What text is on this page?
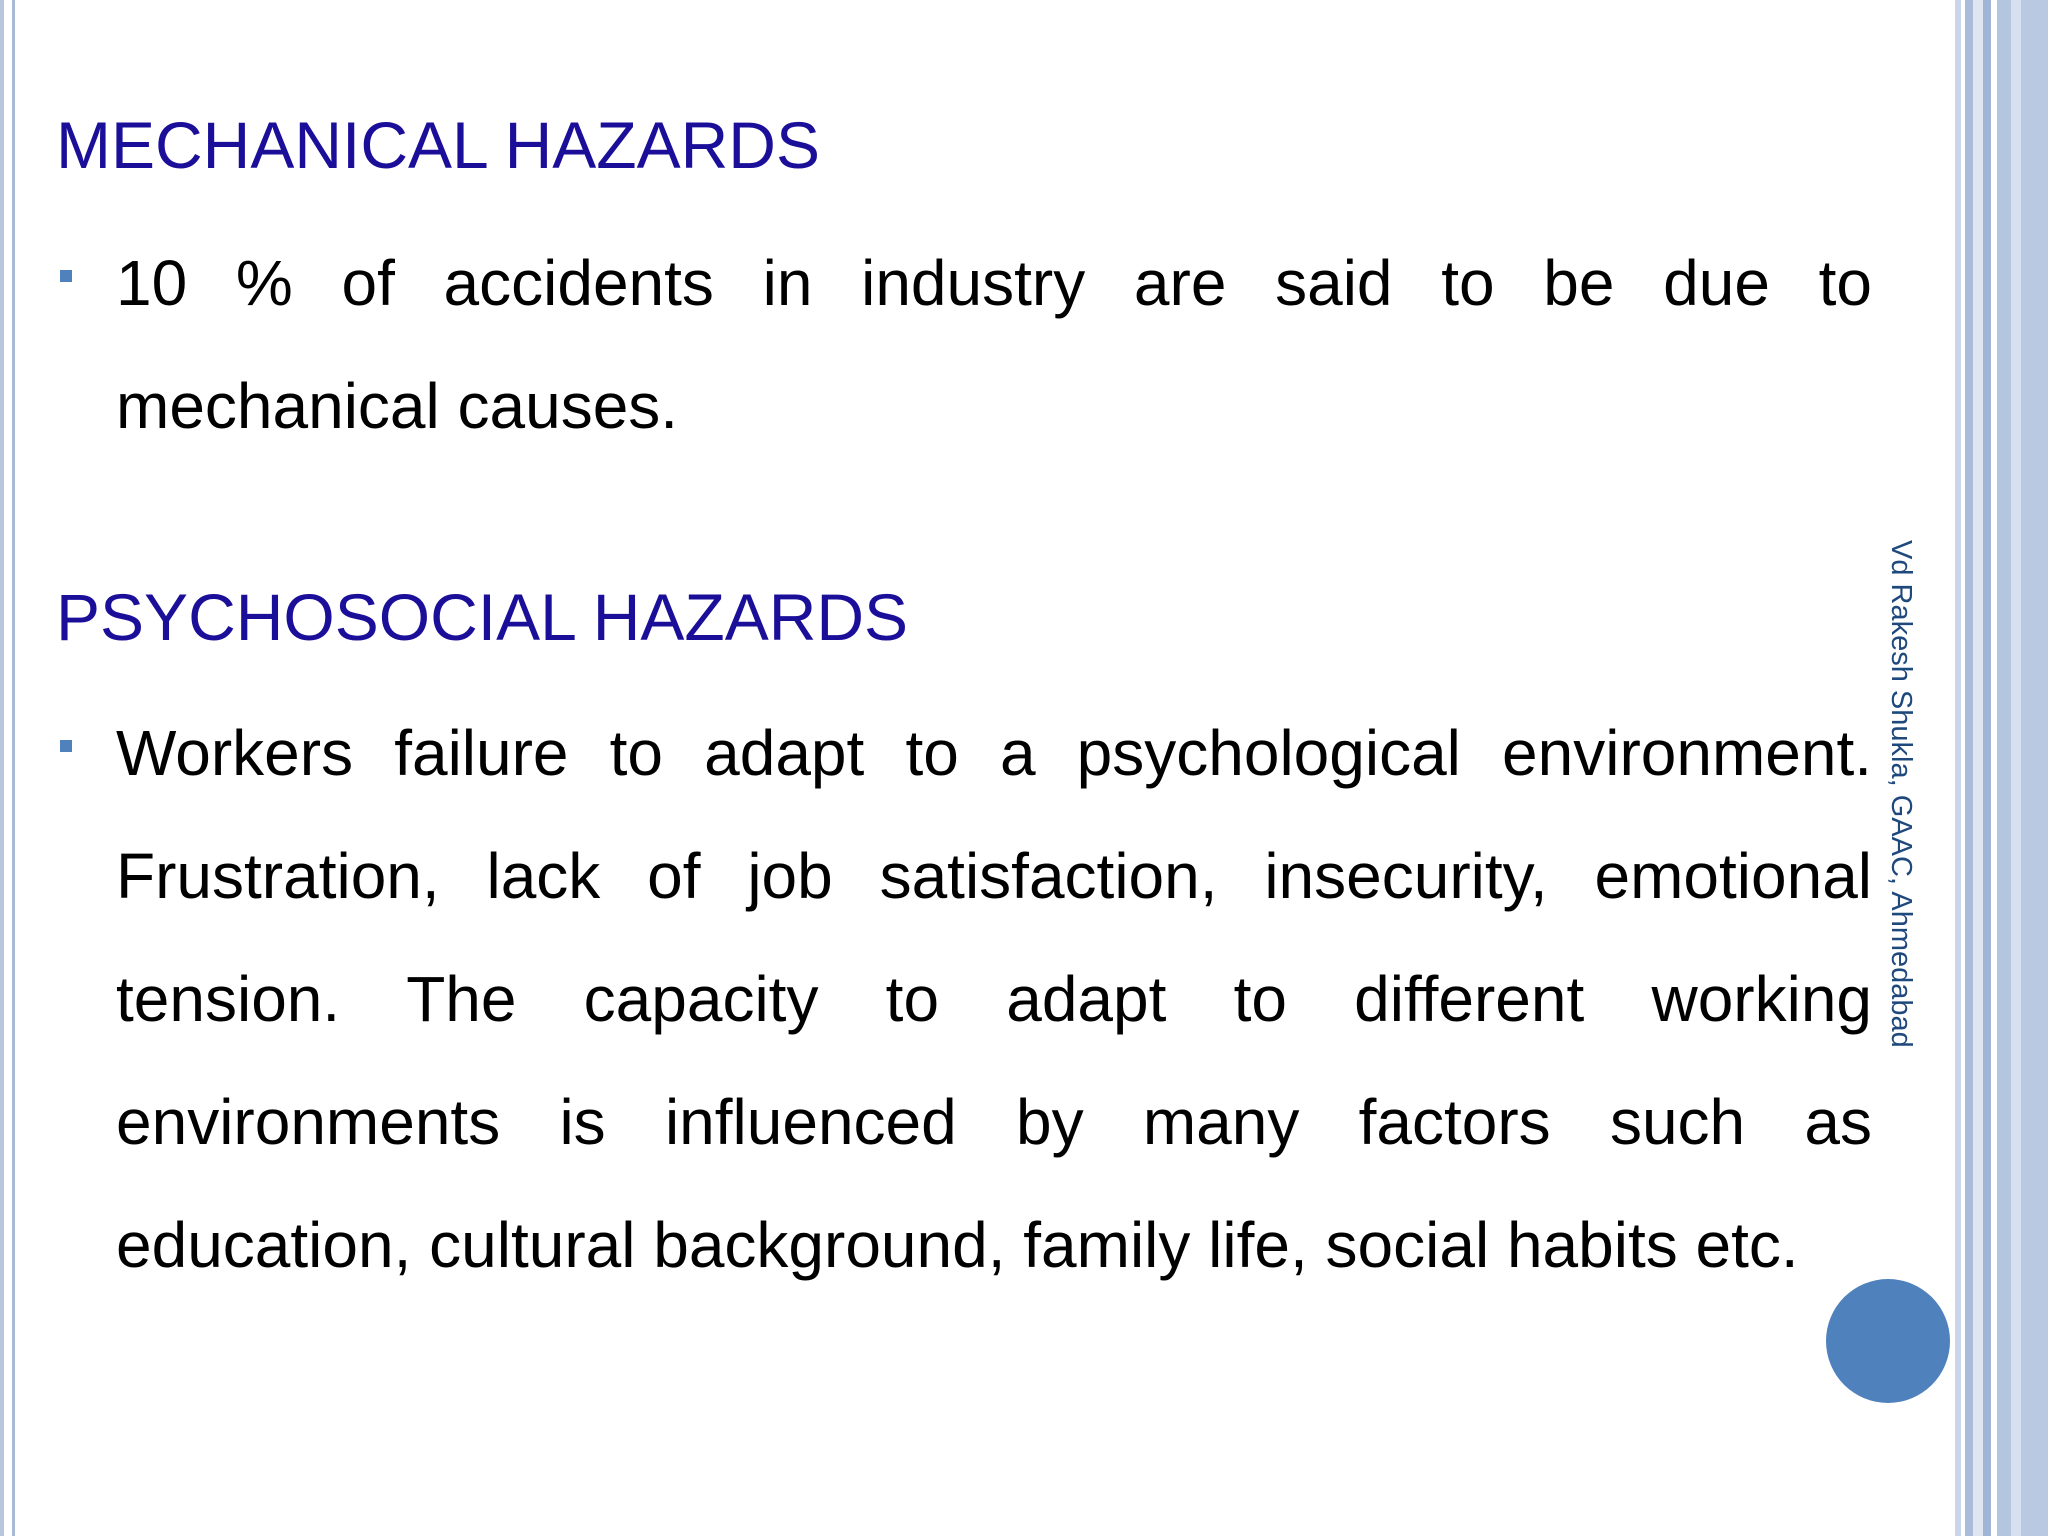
MECHANICAL HAZARDS
10 % of accidents in industry are said to be due to mechanical causes.
PSYCHOSOCIAL HAZARDS
Workers failure to adapt to a psychological environment. Frustration, lack of job satisfaction, insecurity, emotional tension. The capacity to adapt to different working environments is influenced by many factors such as education, cultural background, family life, social habits etc.
Vd Rakesh Shukla, GAAC, Ahmedabad
